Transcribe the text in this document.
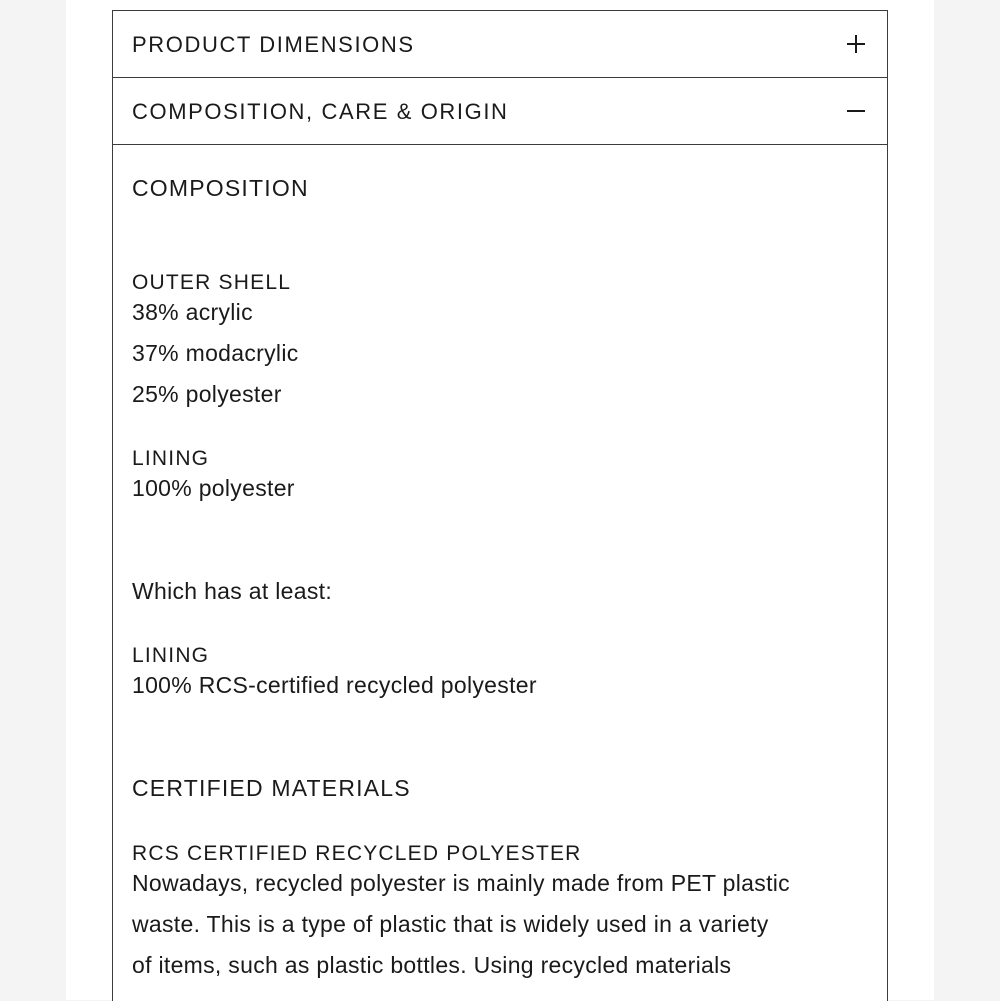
PRODUCT DIMENSIONS
COMPOSITION, CARE & ORIGIN
COMPOSITION
OUTER SHELL
38% acrylic
37% modacrylic
25% polyester
LINING
100% polyester
Which has at least:
LINING
100% RCS-certified recycled polyester
CERTIFIED MATERIALS
RCS CERTIFIED RECYCLED POLYESTER
Nowadays, recycled polyester is mainly made from PET plastic
waste. This is a type of plastic that is widely used in a variety
of items, such as plastic bottles. Using recycled materials
